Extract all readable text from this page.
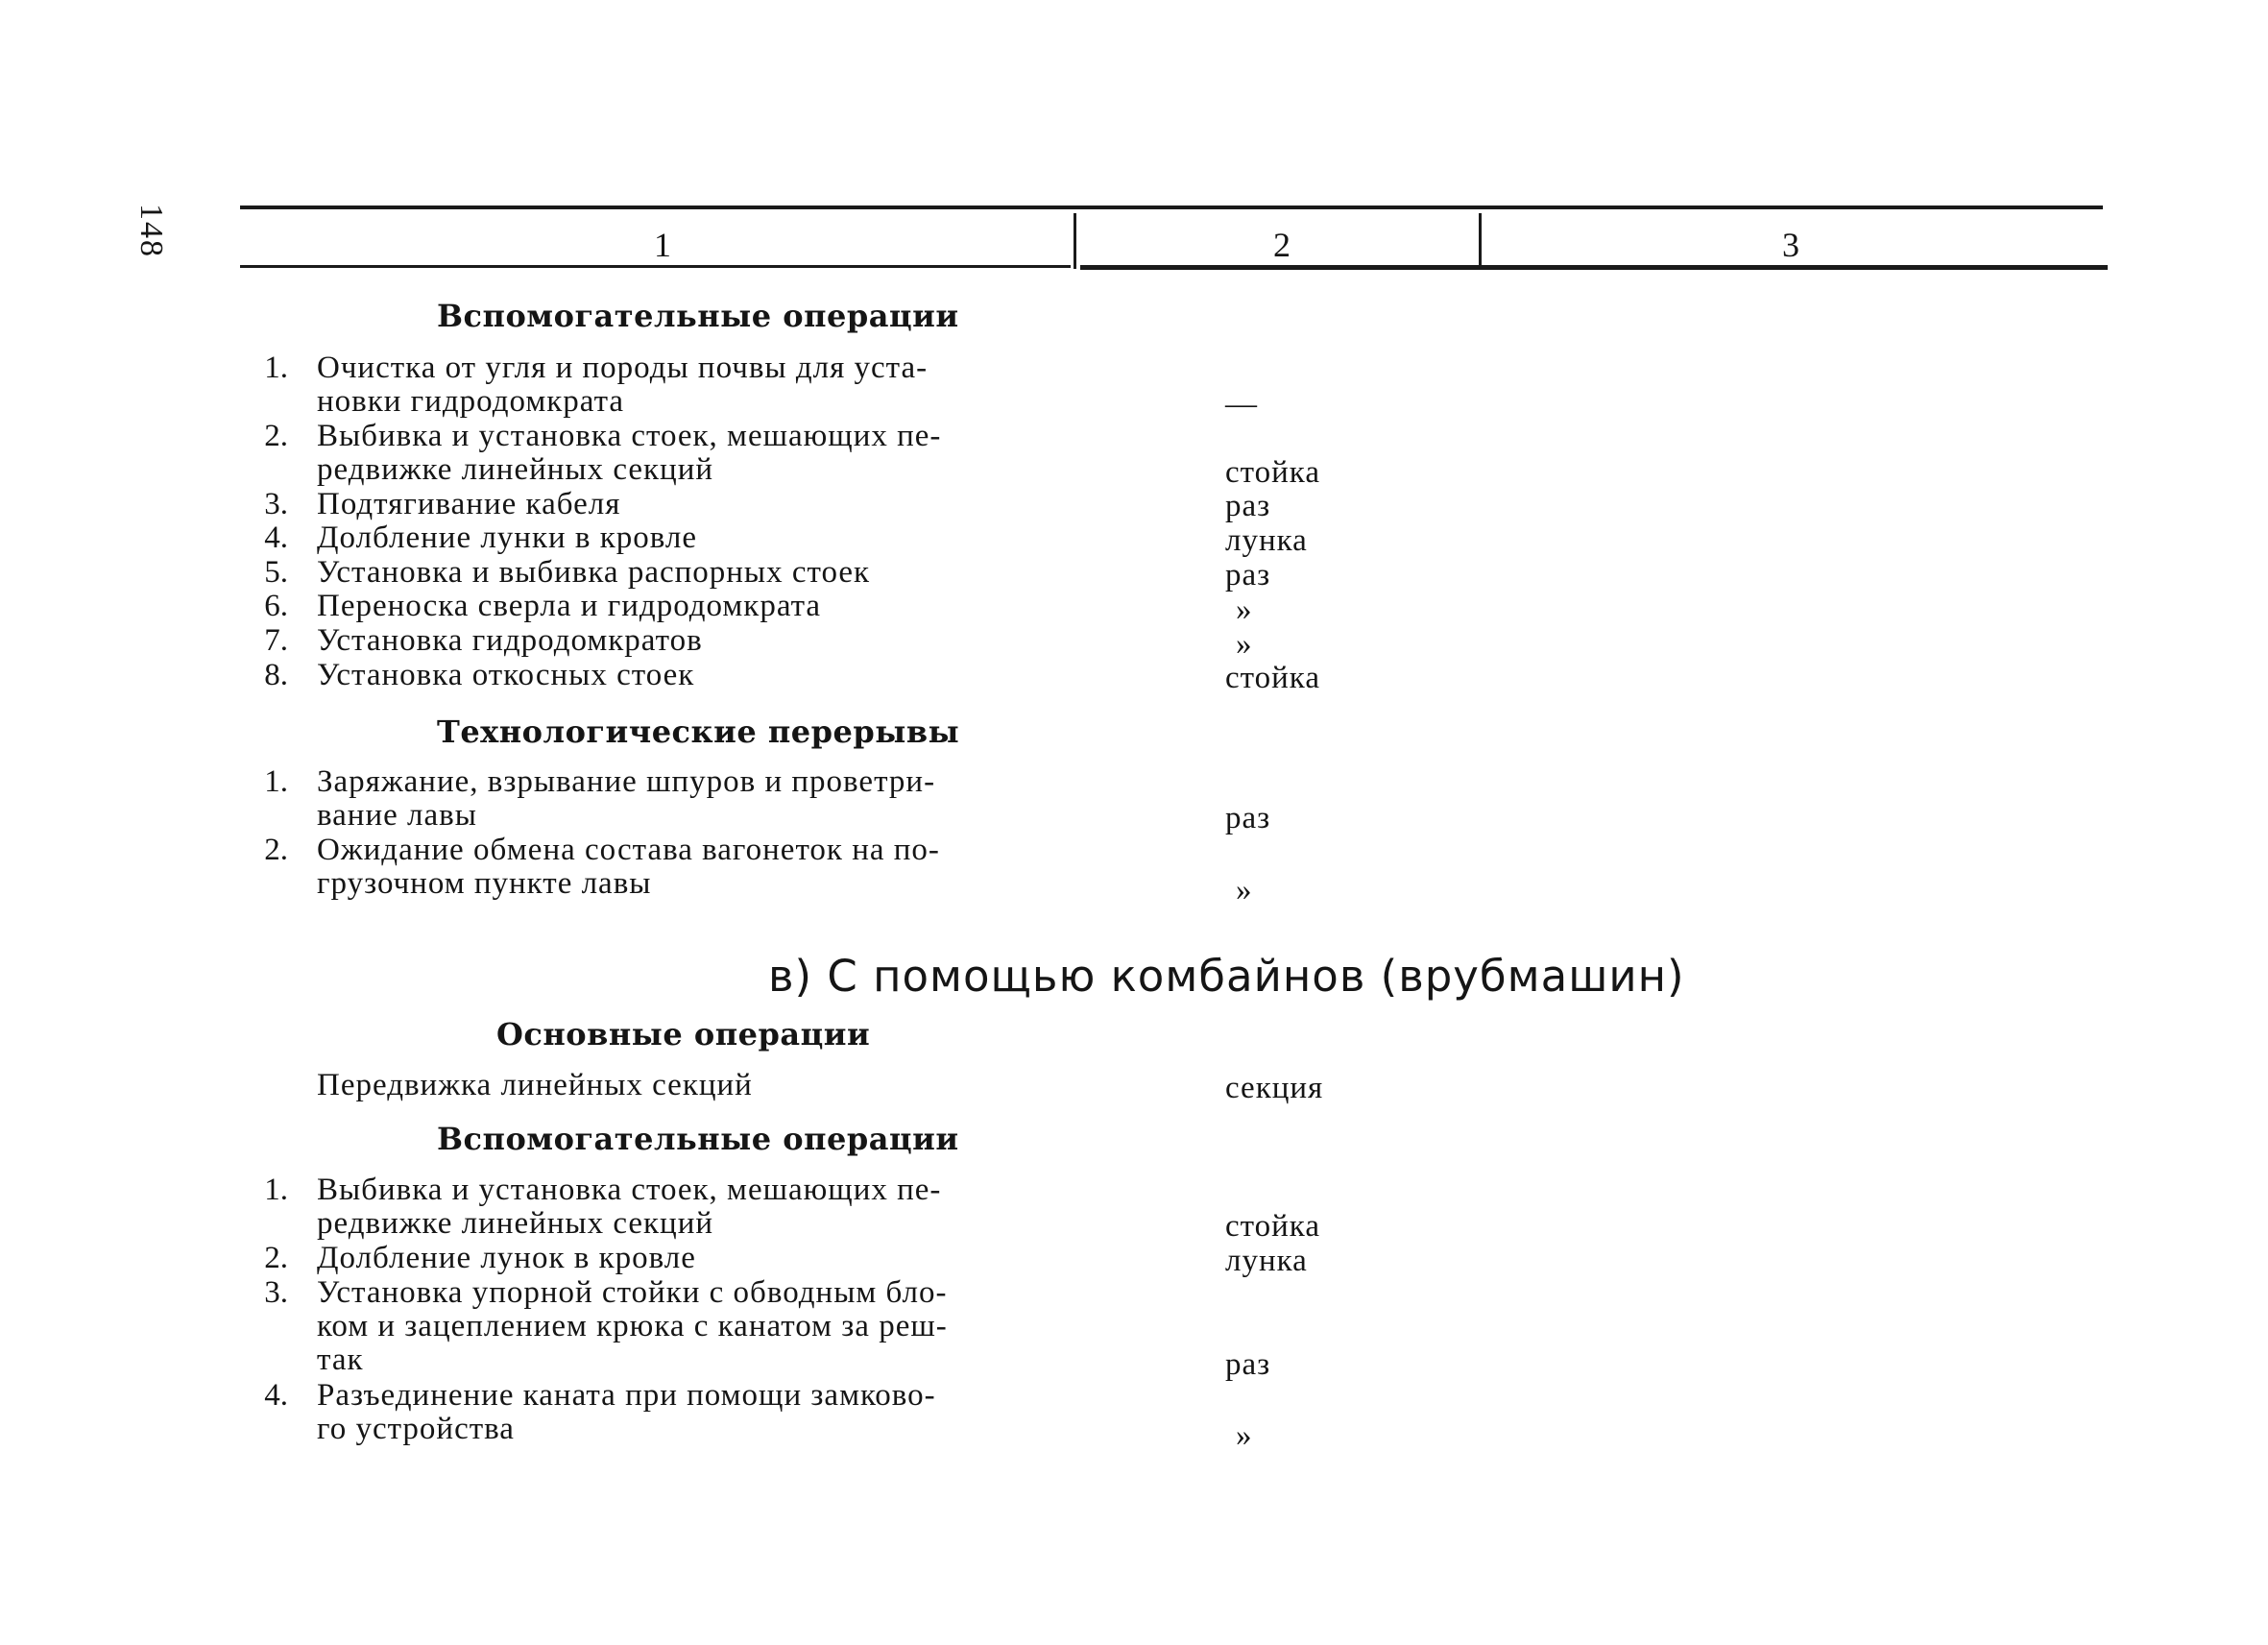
148	1	2	3
Вспомогательные операции
1. Очистка от угля и породы почвы для уста-
новки гидродомкрата	—
2. Выбивка и установка стоек, мешающих пе-
редвижке линейных секций	стойка
3. Подтягивание кабеля	раз
4. Долбление лунки в кровле	лунка
5. Установка и выбивка распорных стоек	раз
6. Переноска сверла и гидродомкрата	»
7. Установка гидродомкратов	»
8. Установка откосных стоек	стойка
Технологические перерывы
1. Заряжание, взрывание шпуров и проветри-
вание лавы	раз
2. Ожидание обмена состава вагонеток на по-
грузочном пункте лавы	»
в) С помощью комбайнов (врубмашин)
Основные операции
Передвижка линейных секций	секция
Вспомогательные операции
1. Выбивка и установка стоек, мешающих пе-
редвижке линейных секций	стойка
2. Долбление лунок в кровле	лунка
3. Установка упорной стойки с обводным бло-
ком и зацеплением крюка с канатом за реш-
так	раз
4. Разъединение каната при помощи замково-
го устройства	»
